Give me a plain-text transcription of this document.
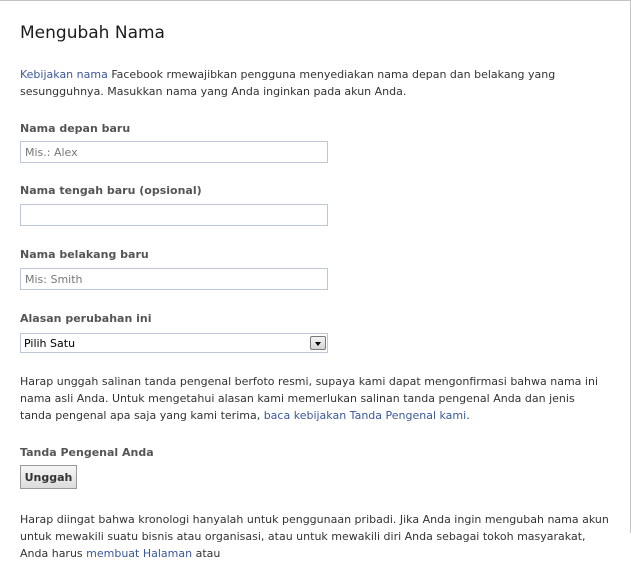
Mengubah Nama

Kebijakan nama Facebook rmewajibkan pengguna menyediakan nama depan dan belakang yang sesungguhnya. Masukkan nama yang Anda inginkan pada akun Anda.

Nama depan baru
Mis.: Alex
Nama tengah baru (opsional)
Nama belakang baru
Mis: Smith
Alasan perubahan ini
Pilih Satu

Harap unggah salinan tanda pengenal berfoto resmi, supaya kami dapat mengonfirmasi bahwa nama ini nama asli Anda. Untuk mengetahui alasan kami memerlukan salinan tanda pengenal Anda dan jenis tanda pengenal apa saja yang kami terima, baca kebijakan Tanda Pengenal kami.

Tanda Pengenal Anda
Unggah

Harap diingat bahwa kronologi hanyalah untuk penggunaan pribadi. Jika Anda ingin mengubah nama akun untuk mewakili suatu bisnis atau organisasi, atau untuk mewakili diri Anda sebagai tokoh masyarakat, Anda harus membuat Halaman atau
